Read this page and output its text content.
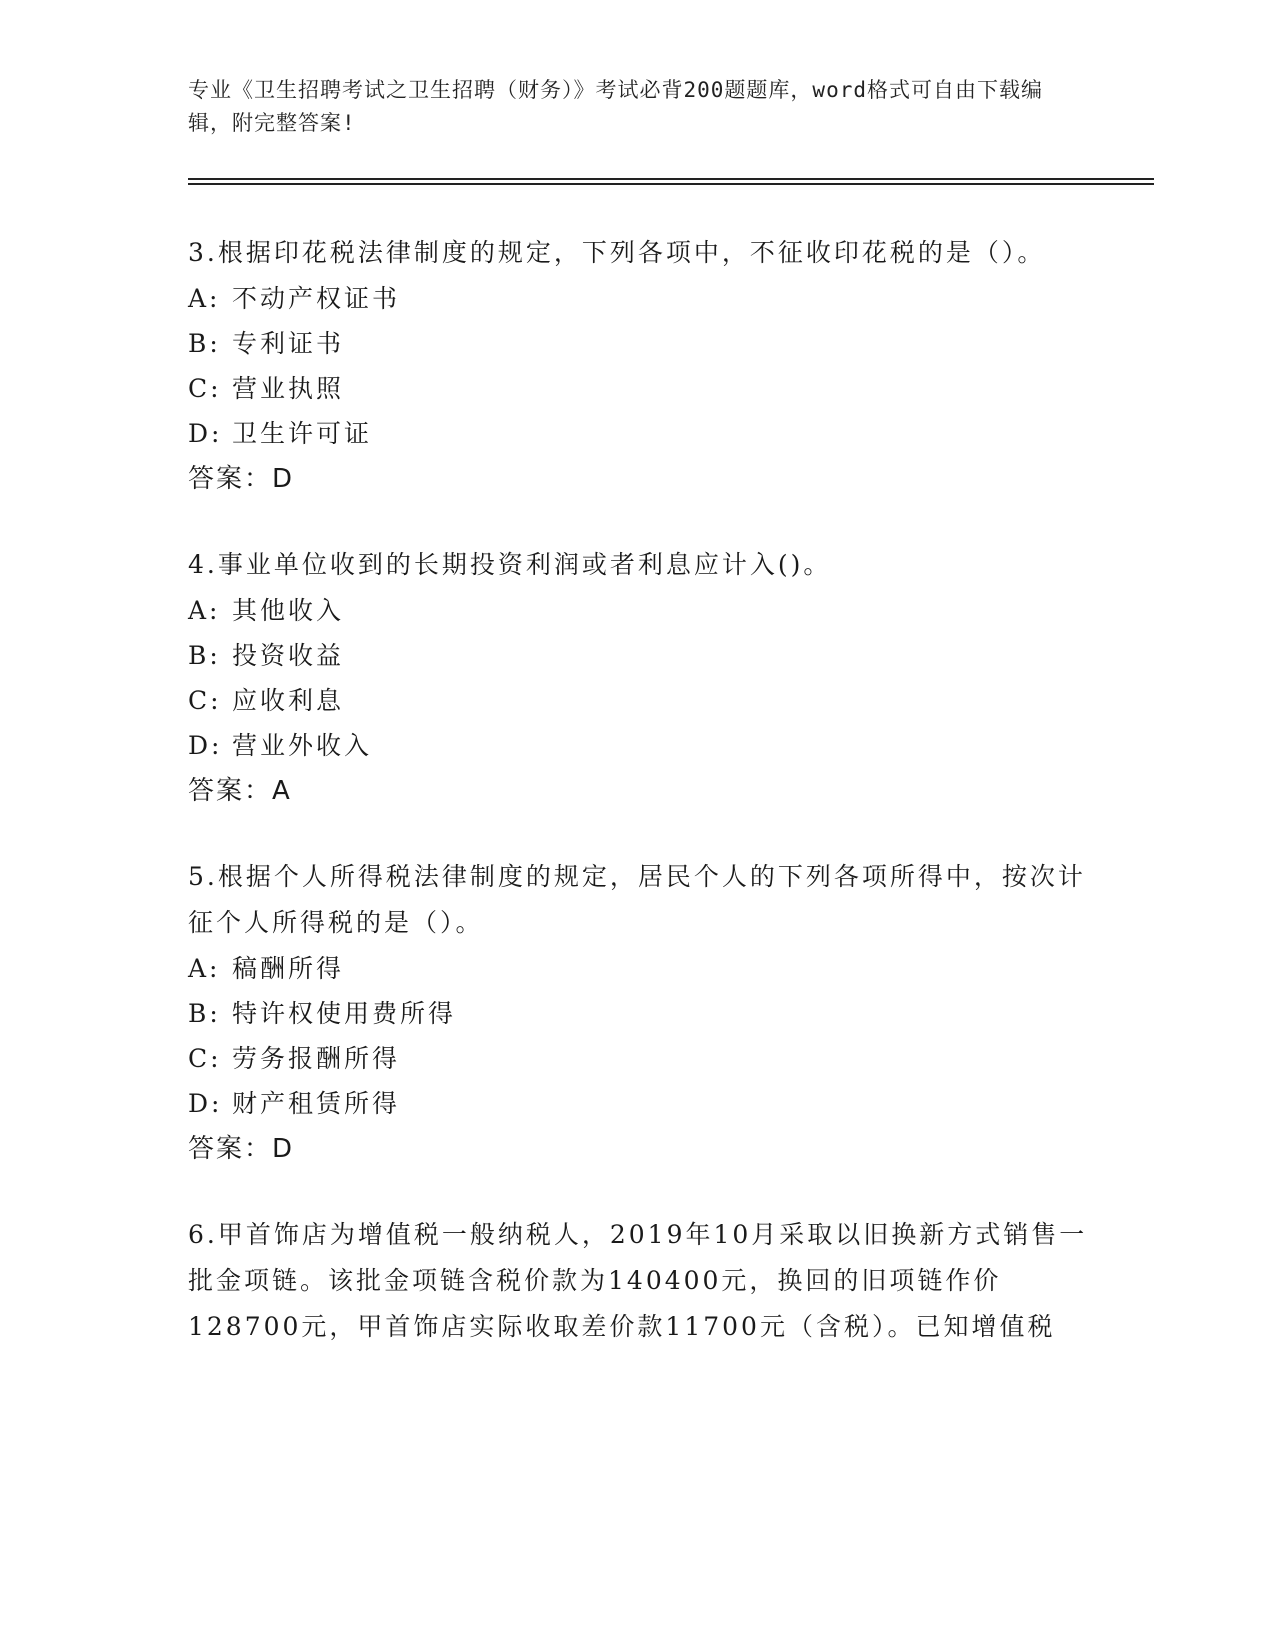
专业《卫生招聘考试之卫生招聘（财务）》考试必背200题题库，word格式可自由下载编辑，附完整答案!

3.根据印花税法律制度的规定，下列各项中，不征收印花税的是（）。

A: 不动产权证书

B: 专利证书

C: 营业执照

D: 卫生许可证

答案：D

4.事业单位收到的长期投资利润或者利息应计入()。

A: 其他收入

B: 投资收益

C: 应收利息

D: 营业外收入

答案：A

5.根据个人所得税法律制度的规定，居民个人的下列各项所得中，按次计征个人所得税的是（）。

A: 稿酬所得

B: 特许权使用费所得

C: 劳务报酬所得

D: 财产租赁所得

答案：D

6.甲首饰店为增值税一般纳税人，2019年10月采取以旧换新方式销售一批金项链。该批金项链含税价款为140400元，换回的旧项链作价128700元，甲首饰店实际收取差价款11700元（含税）。已知增值税
